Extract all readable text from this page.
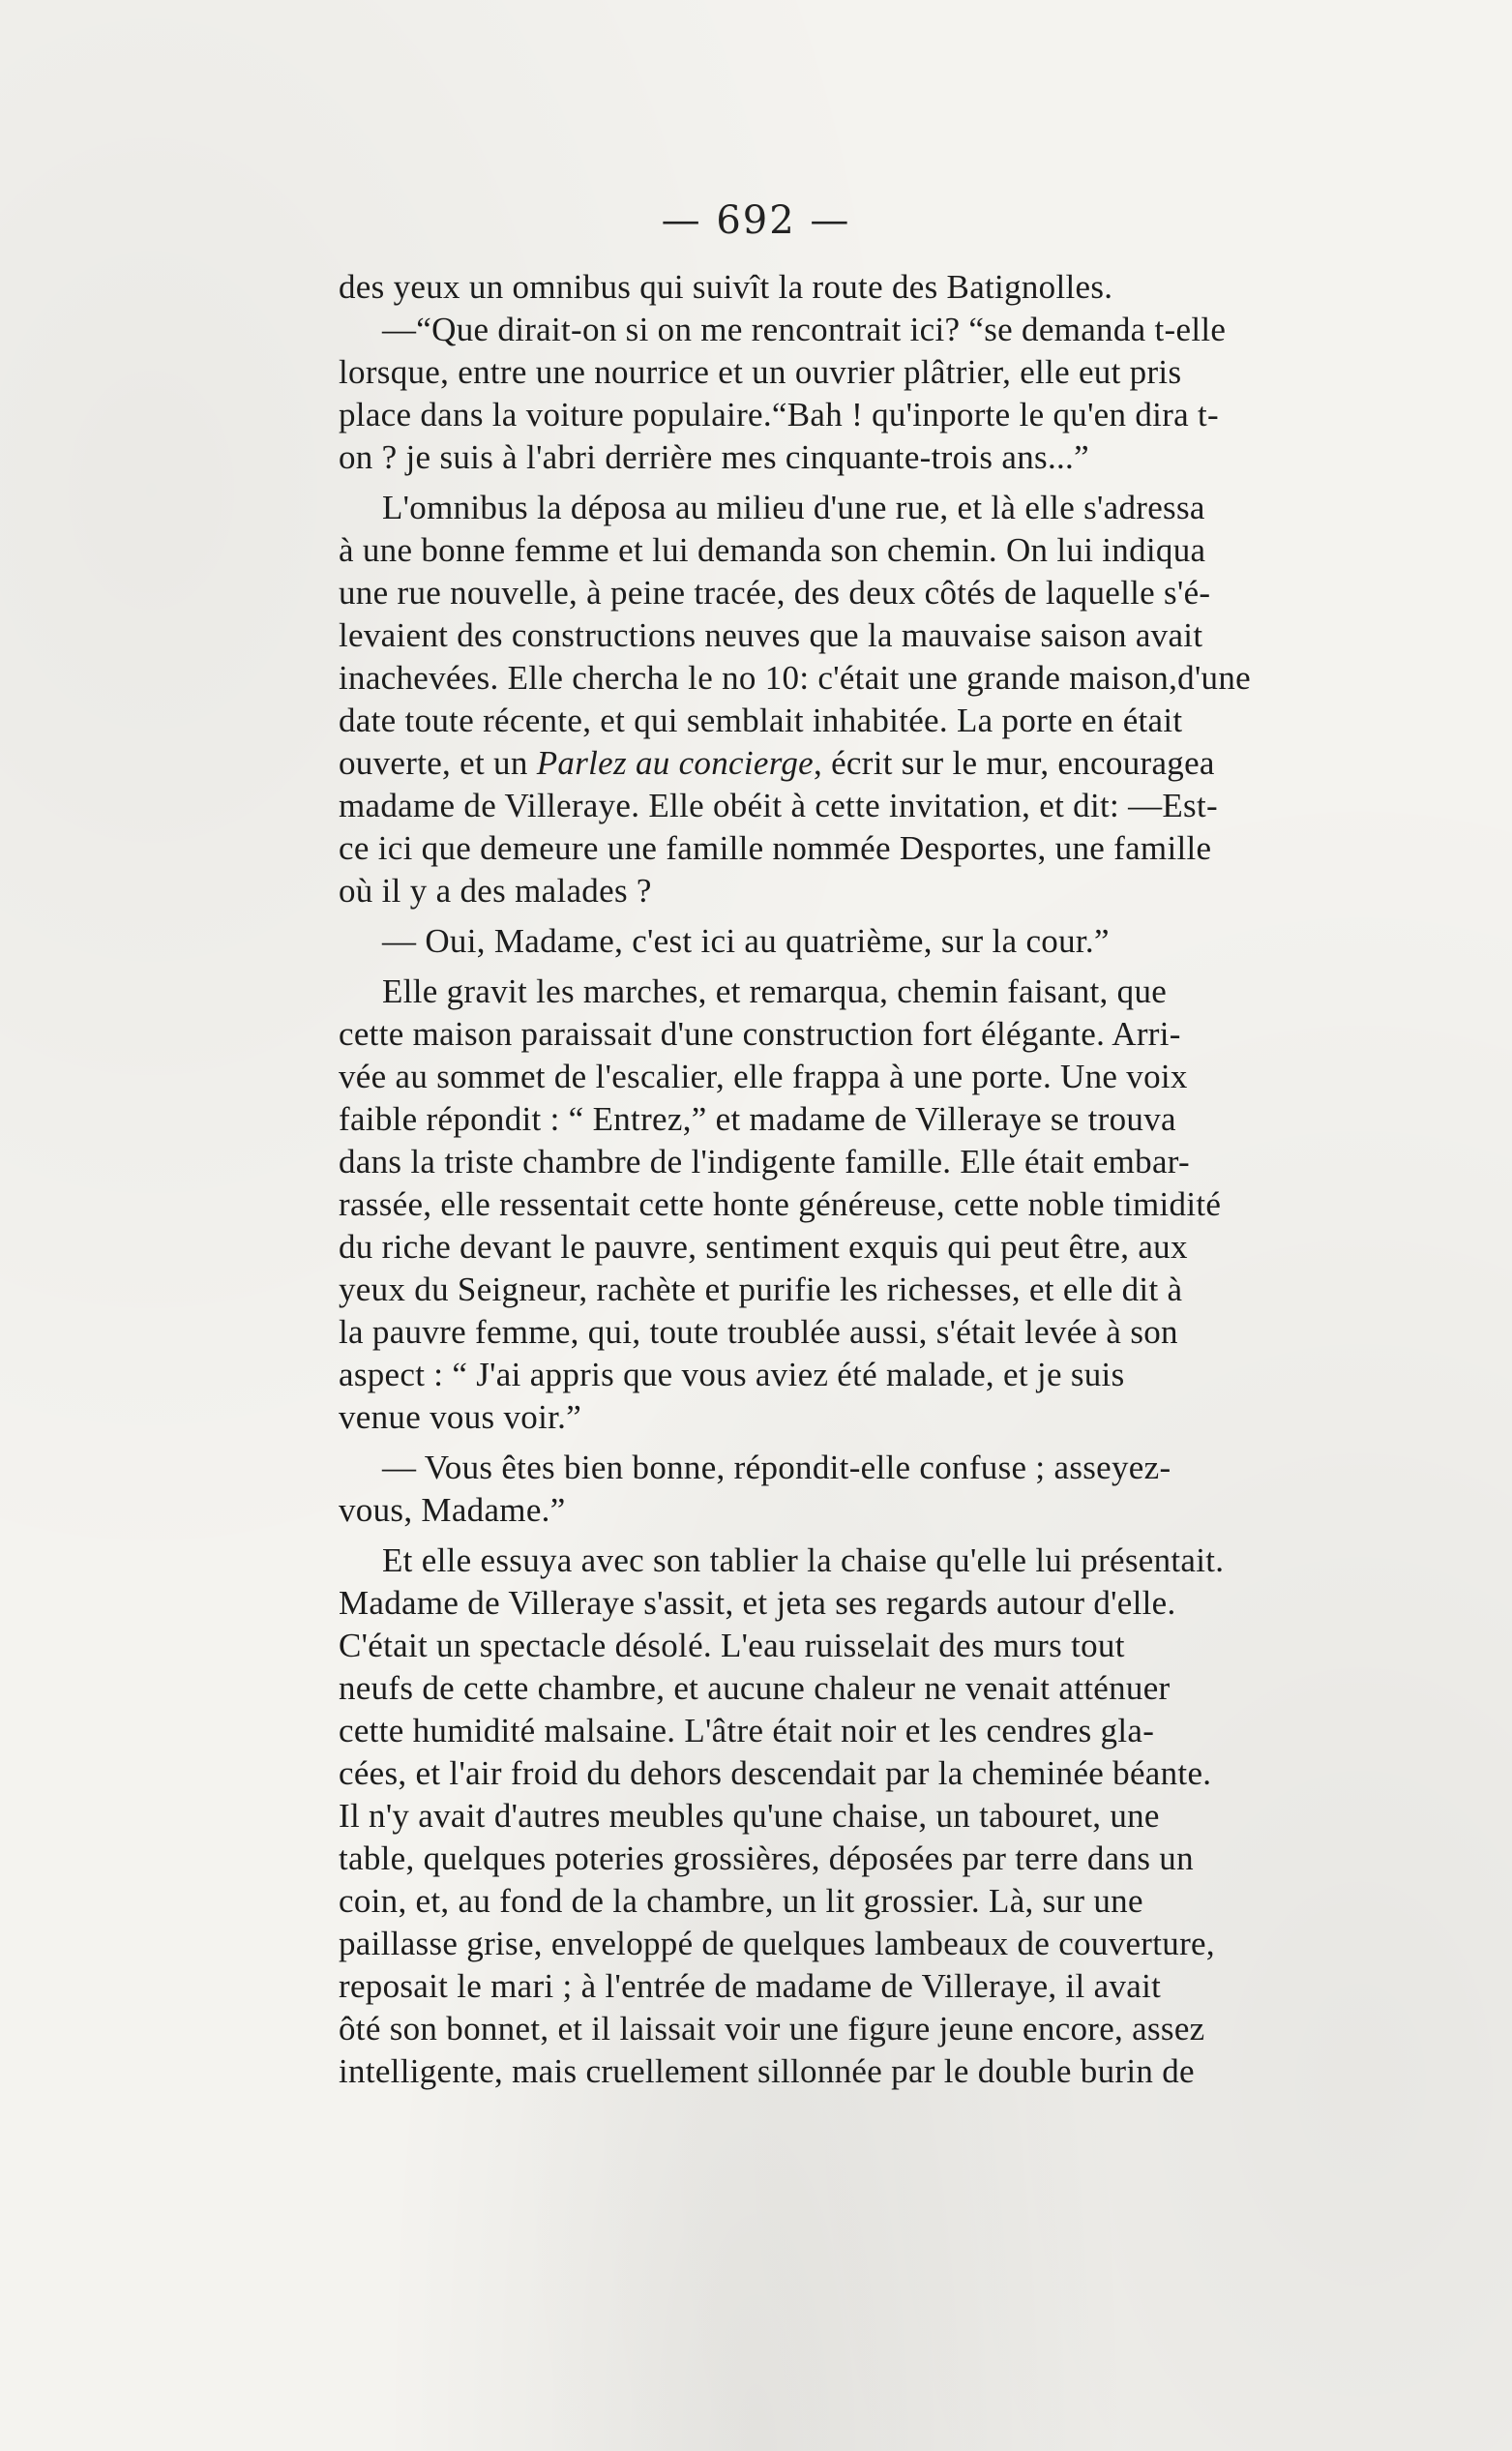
— 692 —
des yeux un omnibus qui suivît la route des Batignolles.
—“Que dirait-on si on me rencontrait ici? “se demanda t-elle
lorsque, entre une nourrice et un ouvrier plâtrier, elle eut pris
place dans la voiture populaire.“Bah ! qu'inporte le qu'en dira t-
on ? je suis à l'abri derrière mes cinquante-trois ans...”
L'omnibus la déposa au milieu d'une rue, et là elle s'adressa
à une bonne femme et lui demanda son chemin. On lui indiqua
une rue nouvelle, à peine tracée, des deux côtés de laquelle s'é-
levaient des constructions neuves que la mauvaise saison avait
inachevées. Elle chercha le no 10: c'était une grande maison,d'une
date toute récente, et qui semblait inhabitée. La porte en était
ouverte, et un Parlez au concierge, écrit sur le mur, encouragea
madame de Villeraye. Elle obéit à cette invitation, et dit: —Est-
ce ici que demeure une famille nommée Desportes, une famille
où il y a des malades ?
— Oui, Madame, c'est ici au quatrième, sur la cour.”
Elle gravit les marches, et remarqua, chemin faisant, que
cette maison paraissait d'une construction fort élégante. Arri-
vée au sommet de l'escalier, elle frappa à une porte. Une voix
faible répondit : “ Entrez,” et madame de Villeraye se trouva
dans la triste chambre de l'indigente famille. Elle était embar-
rassée, elle ressentait cette honte généreuse, cette noble timidité
du riche devant le pauvre, sentiment exquis qui peut être, aux
yeux du Seigneur, rachète et purifie les richesses, et elle dit à
la pauvre femme, qui, toute troublée aussi, s'était levée à son
aspect : “ J'ai appris que vous aviez été malade, et je suis
venue vous voir.”
— Vous êtes bien bonne, répondit-elle confuse ; asseyez-
vous, Madame.”
Et elle essuya avec son tablier la chaise qu'elle lui présentait.
Madame de Villeraye s'assit, et jeta ses regards autour d'elle.
C'était un spectacle désolé. L'eau ruisselait des murs tout
neufs de cette chambre, et aucune chaleur ne venait atténuer
cette humidité malsaine. L'âtre était noir et les cendres gla-
cées, et l'air froid du dehors descendait par la cheminée béante.
Il n'y avait d'autres meubles qu'une chaise, un tabouret, une
table, quelques poteries grossières, déposées par terre dans un
coin, et, au fond de la chambre, un lit grossier. Là, sur une
paillasse grise, enveloppé de quelques lambeaux de couverture,
reposait le mari ; à l'entrée de madame de Villeraye, il avait
ôté son bonnet, et il laissait voir une figure jeune encore, assez
intelligente, mais cruellement sillonnée par le double burin de
